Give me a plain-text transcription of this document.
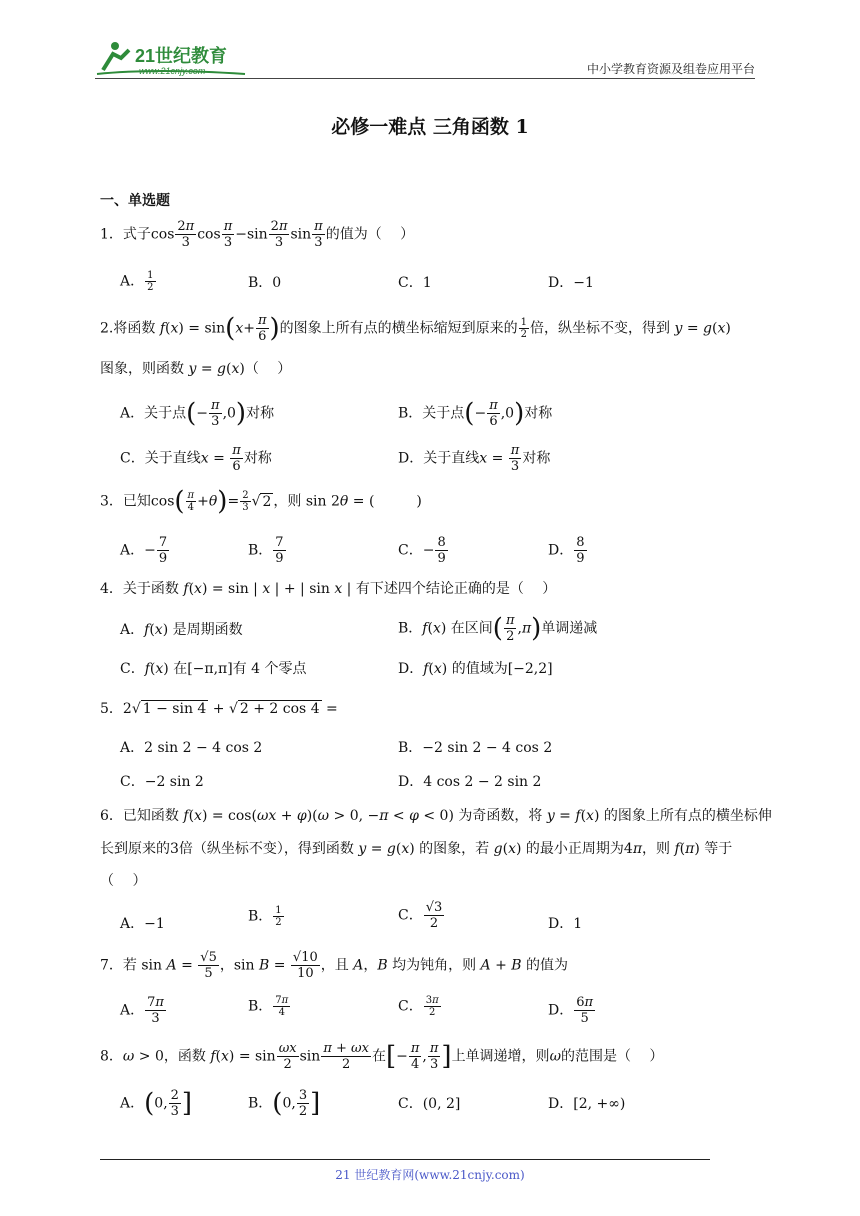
21世纪教育
www.21cnjy.com	中小学教育资源及组卷应用平台
必修一难点 三角函数 1
一、单选题
1．式子$\cos \frac{2\pi}{3}$ $\cos \frac{\pi}{3} -\sin \frac{2\pi}{3}$ $\sin \frac{\pi}{3}$ 的值为（　 ）
A． $\frac{1}{2}$	B．0	C．1	D．−1
2.将函数 $f(x) = \sin(x+ \frac{\pi}{6}$ )的图象上所有点的横坐标缩短到原来的 $\frac{1}{2}$ 倍，纵坐标不变，得到 y = g(x)
图象，则函数 y = g(x)（　 ）
A．关于点(− $\frac{\pi}{3} ,0$)对称	B．关于点(− $\frac{\pi}{6} ,0$)对称
C．关于直线$x = \frac{\pi}{6}$ 对称	D．关于直线$x = \frac{\pi}{3}$ 对称
3．已知$\cos( \frac{\pi}{4} +\theta)= \frac{2}{3}$ √ 2 ，则 sin 2θ = (　　　)
A．− $\frac{7}{9}$	B． $\frac{7}{9}$	C．− $\frac{8}{9}$	D． $\frac{8}{9}$
4．关于函数 f(x) = sin | x | + | sin x | 有下述四个结论正确的是（　 ）
A．f(x) 是周期函数	B．f(x) 在区间( $\frac{\pi}{2} ,\pi$)单调递减
C．f(x) 在[−π,π]有 4 个零点	D．f(x) 的值域为[−2,2]
5．2√ 1 − sin 4 + √ 2 + 2 cos 4 =
A．2 sin 2 − 4 cos 2	B．−2 sin 2 − 4 cos 2
C．−2 sin 2	D．4 cos 2 − 2 sin 2
6．已知函数 f(x) = cos(ωx + φ)(ω > 0, −π < φ < 0) 为奇函数，将 y = f(x) 的图象上所有点的横坐标伸
长到原来的3倍（纵坐标不变），得到函数 y = g(x) 的图象，若 g(x) 的最小正周期为4π，则 f(π) 等于
（　 ）
A．−1	B． $\frac{1}{2}$	C． $\frac{√3}{2}$	D．1
7．若 $\sin A = \frac{√5}{5}$ ，$\sin B = \frac{√10}{10}$ ，且 A，B 均为钝角，则 A + B 的值为
A． $\frac{7\pi}{3}$	B． $\frac{7\pi}{4}$	C． $\frac{3\pi}{2}$	D． $\frac{6\pi}{5}$
8．ω > 0，函数 $f(x) = \sin \frac{\omega x}{2}$ $\sin \frac{\pi + \omega x}{2}$ 在[− $\frac{\pi}{4}$ , $\frac{\pi}{3}$ ]上单调递增，则ω的范围是（　 ）
A．(0, $\frac{2}{3}$ ]	B．(0, $\frac{3}{2}$ ]	C．(0, 2]	D．[2, +∞)
21 世纪教育网(www.21cnjy.com)
